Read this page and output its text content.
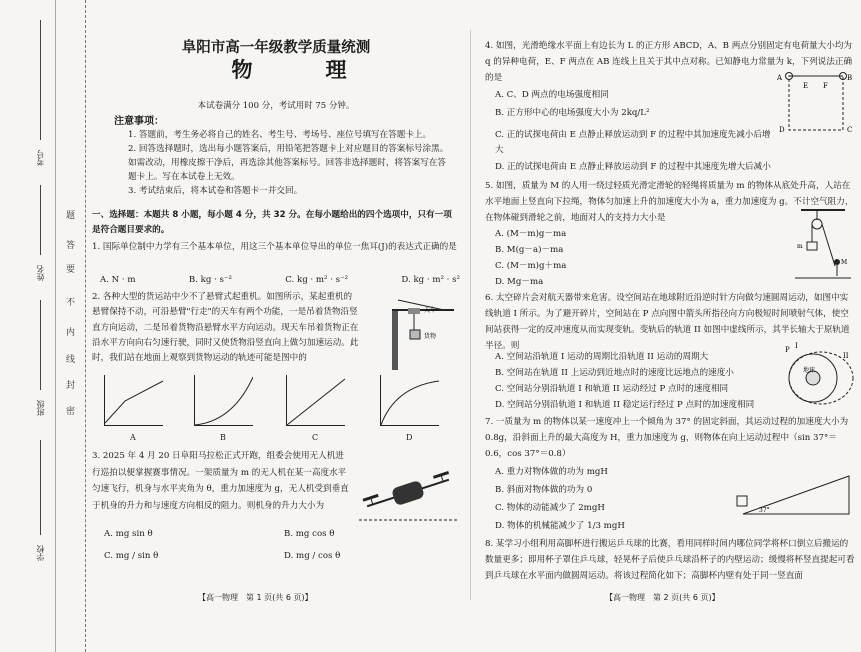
考号
姓名
班级
学校
题
答
要
不
内
线
封
密
阜阳市高一年级教学质量统测
物　理
本试卷满分 100 分，考试用时 75 分钟。
注意事项：
1. 答题前，考生务必将自己的姓名、考生号、考场号、座位号填写在答题卡上。
2. 回答选择题时，选出每小题答案后，用铅笔把答题卡上对应题目的答案标号涂黑。如需改动，用橡皮擦干净后，再选涂其他答案标号。回答非选择题时，将答案写在答题卡上。写在本试卷上无效。
3. 考试结束后，将本试卷和答题卡一并交回。
一、选择题：本题共 8 小题，每小题 4 分，共 32 分。在每小题给出的四个选项中，只有一项是符合题目要求的。
1. 国际单位制中力学有三个基本单位，用这三个基本单位导出的单位一焦耳(J)的表达式正确的是
A. N · m	B. kg · s⁻²	C. kg · m² · s⁻²	D. kg · m² · s²
2. 各种大型的货运站中少不了悬臂式起重机。如图所示，某起重机的悬臂保持不动，可沿悬臂"行走"的天车有两个功能，一是吊着货物沿竖直方向运动，二是吊着货物沿悬臂水平方向运动。现天车吊着货物正在沿水平方向向右匀速行驶，同时又使货物沿竖直向上做匀加速运动。此时，我们站在地面上观察到货物运动的轨迹可能是图中的
天车
货物
A	B	C	D
3. 2025 年 4 月 20 日阜阳马拉松正式开跑，组委会使用无人机进行巡拍以便掌握赛事情况。一架质量为 m 的无人机在某一高度水平匀速飞行，机身与水平夹角为 θ，重力加速度为 g，无人机受到垂直于机身的升力和与速度方向相反的阻力。则机身的升力大小为
A. mg sin θ	B. mg cos θ
C. mg / sin θ	D. mg / cos θ
【高一物理　第 1 页(共 6 页)】
4. 如图，光滑绝缘水平面上有边长为 L 的正方形 ABCD，A、B 两点分别固定有电荷量大小均为 q 的异种电荷，E、F 两点在 AB 连线上且关于其中点对称。已知静电力常量为 k，下列说法正确的是
A. C、D 两点的电场强度相同
B. 正方形中心的电场强度大小为 2kq/L²
C. 正的试探电荷由 E 点静止释放运动到 F 的过程中其加速度先减小后增大
D. 正的试探电荷由 E 点静止释放运动到 F 的过程中其速度先增大后减小
A
E F
B
D	C
5. 如图，质量为 M 的人用一绕过轻质光滑定滑轮的轻绳将质量为 m 的物体从底处升高，人站在水平地面上竖直向下拉绳，物体匀加速上升的加速度大小为 a，重力加速度为 g。不计空气阻力，在物体碰到滑轮之前，地面对人的支持力大小是
A. (M－m)g－ma
B. M(g－a)－ma
C. (M－m)g＋ma
D. Mg－ma
m
M
6. 太空碎片会对航天器带来危害。设空间站在地球附近沿逆时针方向做匀速圆周运动，如图中实线轨道 I 所示。为了避开碎片，空间站在 P 点向图中箭头所指径向方向极短时间喷射气体，使空间站获得一定的反冲速度从而实现变轨。变轨后的轨道 II 如图中虚线所示，其半长轴大于原轨道半径。则
A. 空间站沿轨道 I 运动的周期比沿轨道 II 运动的周期大
B. 空间站在轨道 II 上运动到近地点时的速度比远地点的速度小
C. 空间站分别沿轨道 I 和轨道 II 运动经过 P 点时的速度相同
D. 空间站分别沿轨道 I 和轨道 II 稳定运行经过 P 点时的加速度相同
地球
P I
II
7. 一质量为 m 的物体以某一速度冲上一个倾角为 37° 的固定斜面，其运动过程的加速度大小为 0.8g，沿斜面上升的最大高度为 H，重力加速度为 g，则物体在向上运动过程中（sin 37°＝0.6，cos 37°＝0.8）
A. 重力对物体做的功为 mgH
B. 斜面对物体做的功为 0
C. 物体的动能减少了 2mgH
D. 物体的机械能减少了 1/3 mgH
37°
8. 某学习小组利用高脚杯进行搬运乒乓球的比赛，看用同样时间内哪位同学将杯口倒立后搬运的数量更多；即用杯子罩住乒乓球，轻晃杯子后使乒乓球沿杯子的内壁运动；缓慢将杯竖直提起可看到乒乓球在水平面内做圆周运动。将该过程简化如下；高脚杯内壁有处于同一竖直面
【高一物理　第 2 页(共 6 页)】
